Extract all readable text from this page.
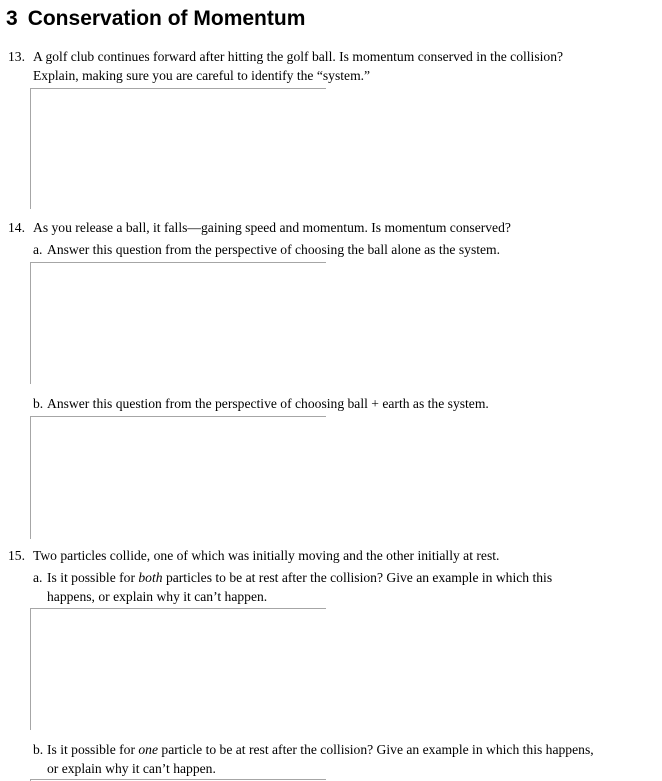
3 Conservation of Momentum
13. A golf club continues forward after hitting the golf ball. Is momentum conserved in the collision?
Explain, making sure you are careful to identify the “system.”
14. As you release a ball, it falls—gaining speed and momentum. Is momentum conserved?
a. Answer this question from the perspective of choosing the ball alone as the system.
b. Answer this question from the perspective of choosing ball + earth as the system.
15. Two particles collide, one of which was initially moving and the other initially at rest.
a. Is it possible for both particles to be at rest after the collision? Give an example in which this
happens, or explain why it can’t happen.
b. Is it possible for one particle to be at rest after the collision? Give an example in which this happens,
or explain why it can’t happen.
